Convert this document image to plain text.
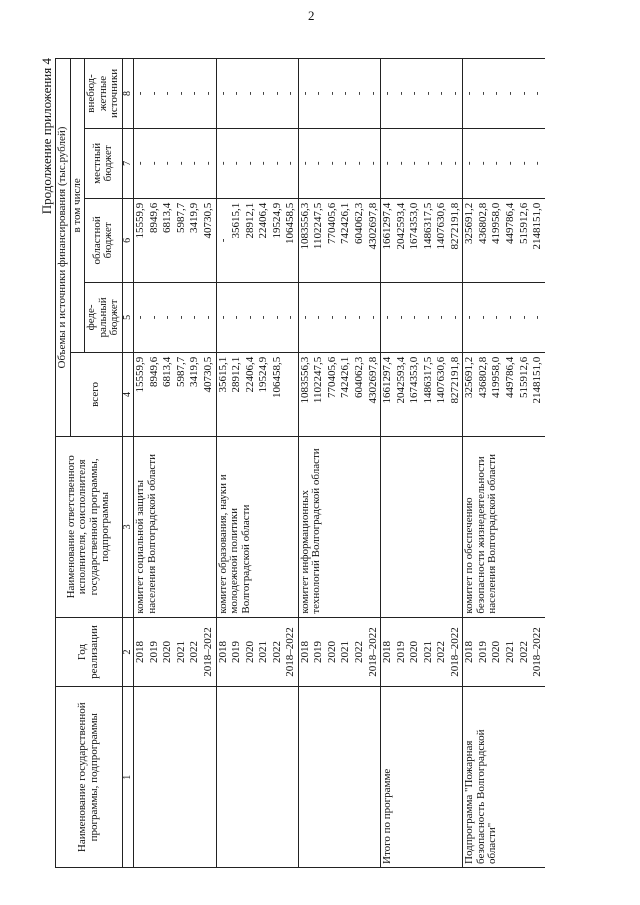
2
Продолжение приложения 4
Наименование государственной программы, подпрограммы	Год реализации	Наименование ответственного исполнителя, соисполнителя государственной программы, подпрограммы	Объемы и источники финансирования (тыс.рублей)				
			всего	в том числе			
				феде-ральный бюджет	областной бюджет	местный бюджет	внебюд-жетные источники
1	2	3	4	5	6	7	8
	2018	комитет социальной защиты населения Волгоградской области	15559,9	-	15559,9	-	-
	2019		8949,6	-	8949,6	-	-
	2020		6813,4	-	6813,4	-	-
	2021		5987,7	-	5987,7	-	-
	2022		3419,9	-	3419,9	-	-
	2018–2022		40730,5	-	40730,5	-	-
	2018	комитет образования, науки и молодежной политики Волгоградской области	35615,1	-	-	-	-
	2019		28912,1	-	35615,1	-	-
	2020		22406,4	-	28912,1	-	-
	2021		19524,9	-	22406,4	-	-
	2022		106458,5	-	19524,9	-	-
	2018–2022			-	106458,5	-	-
	2018	комитет информационных технологий Волгоградской области	1083556,3	-	1083556,3	-	-
	2019		1102247,5	-	1102247,5	-	-
	2020		770405,6	-	770405,6	-	-
	2021		742426,1	-	742426,1	-	-
	2022		604062,3	-	604062,3	-	-
	2018–2022		4302697,8	-	4302697,8	-	-
Итого по программе	2018		1661297,4	-	1661297,4	-	-
	2019		2042593,4	-	2042593,4	-	-
	2020		1674353,0	-	1674353,0	-	-
	2021		1486317,5	-	1486317,5	-	-
	2022		1407630,6	-	1407630,6	-	-
	2018–2022		8272191,8	-	8272191,8	-	-
Подпрограмма "Пожарная безопасность Волгоградской области"	2018	комитет по обеспечению безопасности жизнедеятельности населения Волгоградской области	325691,2	-	325691,2	-	-
	2019		436802,8	-	436802,8	-	-
	2020		419958,0	-	419958,0	-	-
	2021		449786,4	-	449786,4	-	-
	2022		515912,6	-	515912,6	-	-
	2018–2022		2148151,0	-	2148151,0	-	-
